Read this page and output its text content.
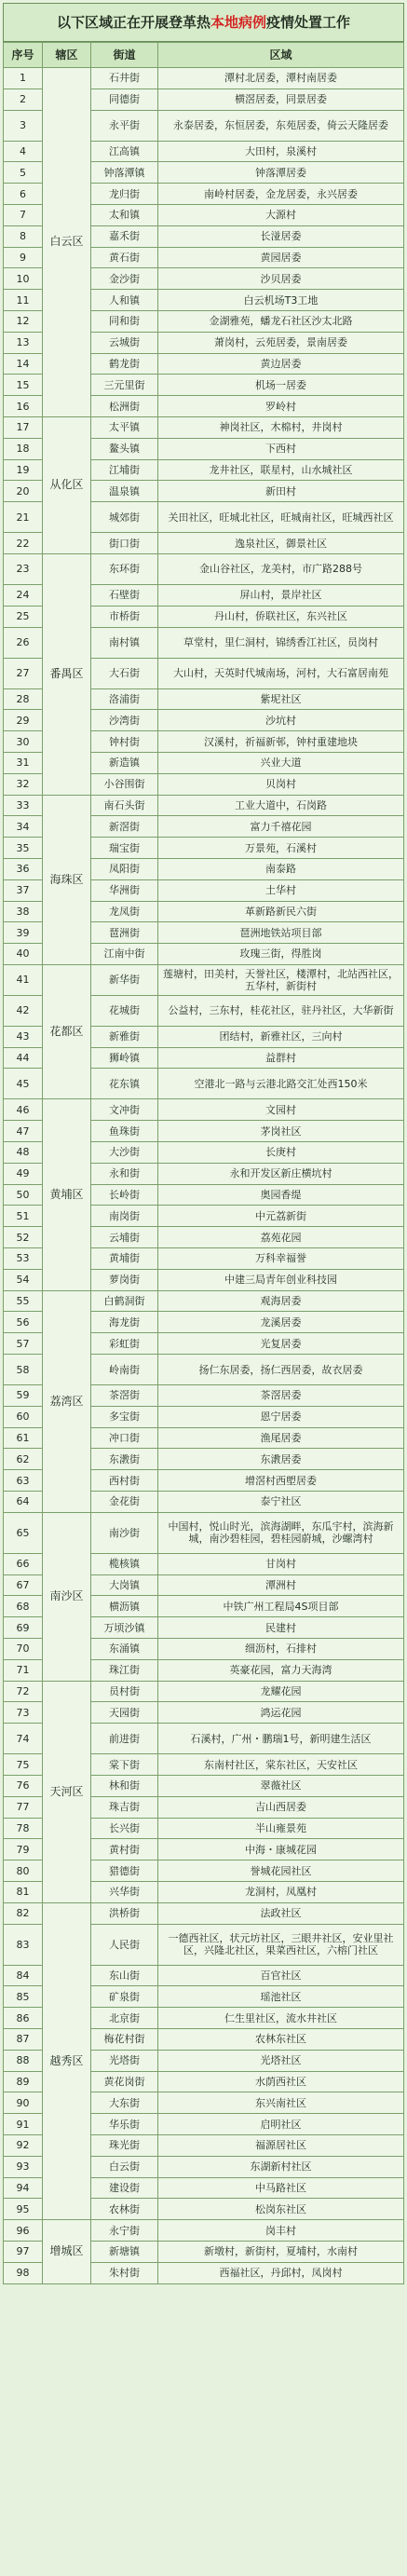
以下区域正在开展登革热本地病例疫情处置工作
序号	辖区	街道	区域
1	白云区	石井街	潭村北居委，潭村南居委
2		同德街	横滘居委，同景居委
3		永平街	永泰居委，东恒居委，东苑居委，倚云天隆居委
4		江高镇	大田村，泉溪村
5		钟落潭镇	钟落潭居委
6		龙归街	南岭村居委，金龙居委，永兴居委
7		太和镇	大源村
8		嘉禾街	长湴居委
9		黄石街	黄园居委
10		金沙街	沙贝居委
11		人和镇	白云机场T3工地
12		同和街	金湖雅苑，蟠龙石社区沙太北路
13		云城街	萧岗村，云苑居委，景南居委
14		鹤龙街	黄边居委
15		三元里街	机场一居委
16		松洲街	罗岭村
17	从化区	太平镇	神岗社区，木棉村，井岗村
18		鳌头镇	下西村
19		江埔街	龙井社区，联星村，山水城社区
20		温泉镇	新田村
21		城郊街	关田社区，旺城北社区，旺城南社区，旺城西社区
22		街口街	逸泉社区，御景社区
23	番禺区	东环街	金山谷社区，龙美村，市广路288号
24		石壁街	屏山村，景岸社区
25		市桥街	丹山村，侨联社区，东兴社区
26		南村镇	草堂村，里仁洞村，锦绣香江社区，员岗村
27		大石街	大山村，天英时代城南场，河村，大石富居南苑
28		洛浦街	紫坭社区
29		沙湾街	沙坑村
30		钟村街	汉溪村，祈福新邨，钟村重建地块
31		新造镇	兴业大道
32		小谷围街	贝岗村
33	海珠区	南石头街	工业大道中，石岗路
34		新滘街	富力千禧花园
35		瑞宝街	万景苑，石溪村
36		凤阳街	南泰路
37		华洲街	土华村
38		龙凤街	革新路新民六街
39		琶洲街	琶洲地铁站项目部
40		江南中街	玫瑰三街，得胜岗
41	花都区	新华街	莲塘村，田美村，天誉社区，楼潭村，北站西社区，五华村，新街村
42		花城街	公益村，三东村，桂花社区，驻丹社区，大华新街
43		新雅街	团结村，新雅社区，三向村
44		狮岭镇	益群村
45		花东镇	空港北一路与云港北路交汇处西150米
46	黄埔区	文冲街	文园村
47		鱼珠街	茅岗社区
48		大沙街	长庚村
49		永和街	永和开发区新庄横坑村
50		长岭街	奥园香缇
51		南岗街	中元荔新街
52		云埔街	荔苑花园
53		黄埔街	万科幸福誉
54		萝岗街	中建三局青年创业科技园
55	荔湾区	白鹤洞街	观海居委
56		海龙街	龙溪居委
57		彩虹街	光复居委
58		岭南街	扬仁东居委，扬仁西居委，故衣居委
59		茶滘街	茶滘居委
60		多宝街	恩宁居委
61		冲口街	渔尾居委
62		东漖街	东漖居委
63		西村街	增滘村西塱居委
64		金花街	泰宁社区
65	南沙区	南沙街	中国村，悦山时光，滨海湖畔，东瓜宇村，滨海新城，南沙碧桂园，碧桂园蔚城，沙螺湾村
66		榄核镇	甘岗村
67		大岗镇	潭洲村
68		横沥镇	中铁广州工程局4S项目部
69		万顷沙镇	民建村
70		东涌镇	细沥村，石排村
71		珠江街	英豪花园，富力天海湾
72	天河区	员村街	龙耀花园
73		天园街	鸿运花园
74		前进街	石溪村，广州・鹏瑞1号，新明建生活区
75		棠下街	东南村社区，棠东社区，天安社区
76		林和街	翠薇社区
77		珠吉街	吉山西居委
78		长兴街	半山雍景苑
79		黄村街	中海・康城花园
80		猎德街	誉城花园社区
81		兴华街	龙洞村，凤凰村
82	越秀区	洪桥街	法政社区
83		人民街	一德西社区，状元坊社区，三眼井社区，安业里社区，兴隆北社区，果菜西社区，六榕门社区
84		东山街	百官社区
85		矿泉街	瑶池社区
86		北京街	仁生里社区，流水井社区
87		梅花村街	农林东社区
88		光塔街	光塔社区
89		黄花岗街	水荫西社区
90		大东街	东兴南社区
91		华乐街	启明社区
92		珠光街	福源居社区
93		白云街	东湖新村社区
94		建设街	中马路社区
95		农林街	松岗东社区
96	增城区	永宁街	岗丰村
97		新塘镇	新墩村，新街村，夏埔村，水南村
98		朱村街	西福社区，丹邱村，凤岗村
